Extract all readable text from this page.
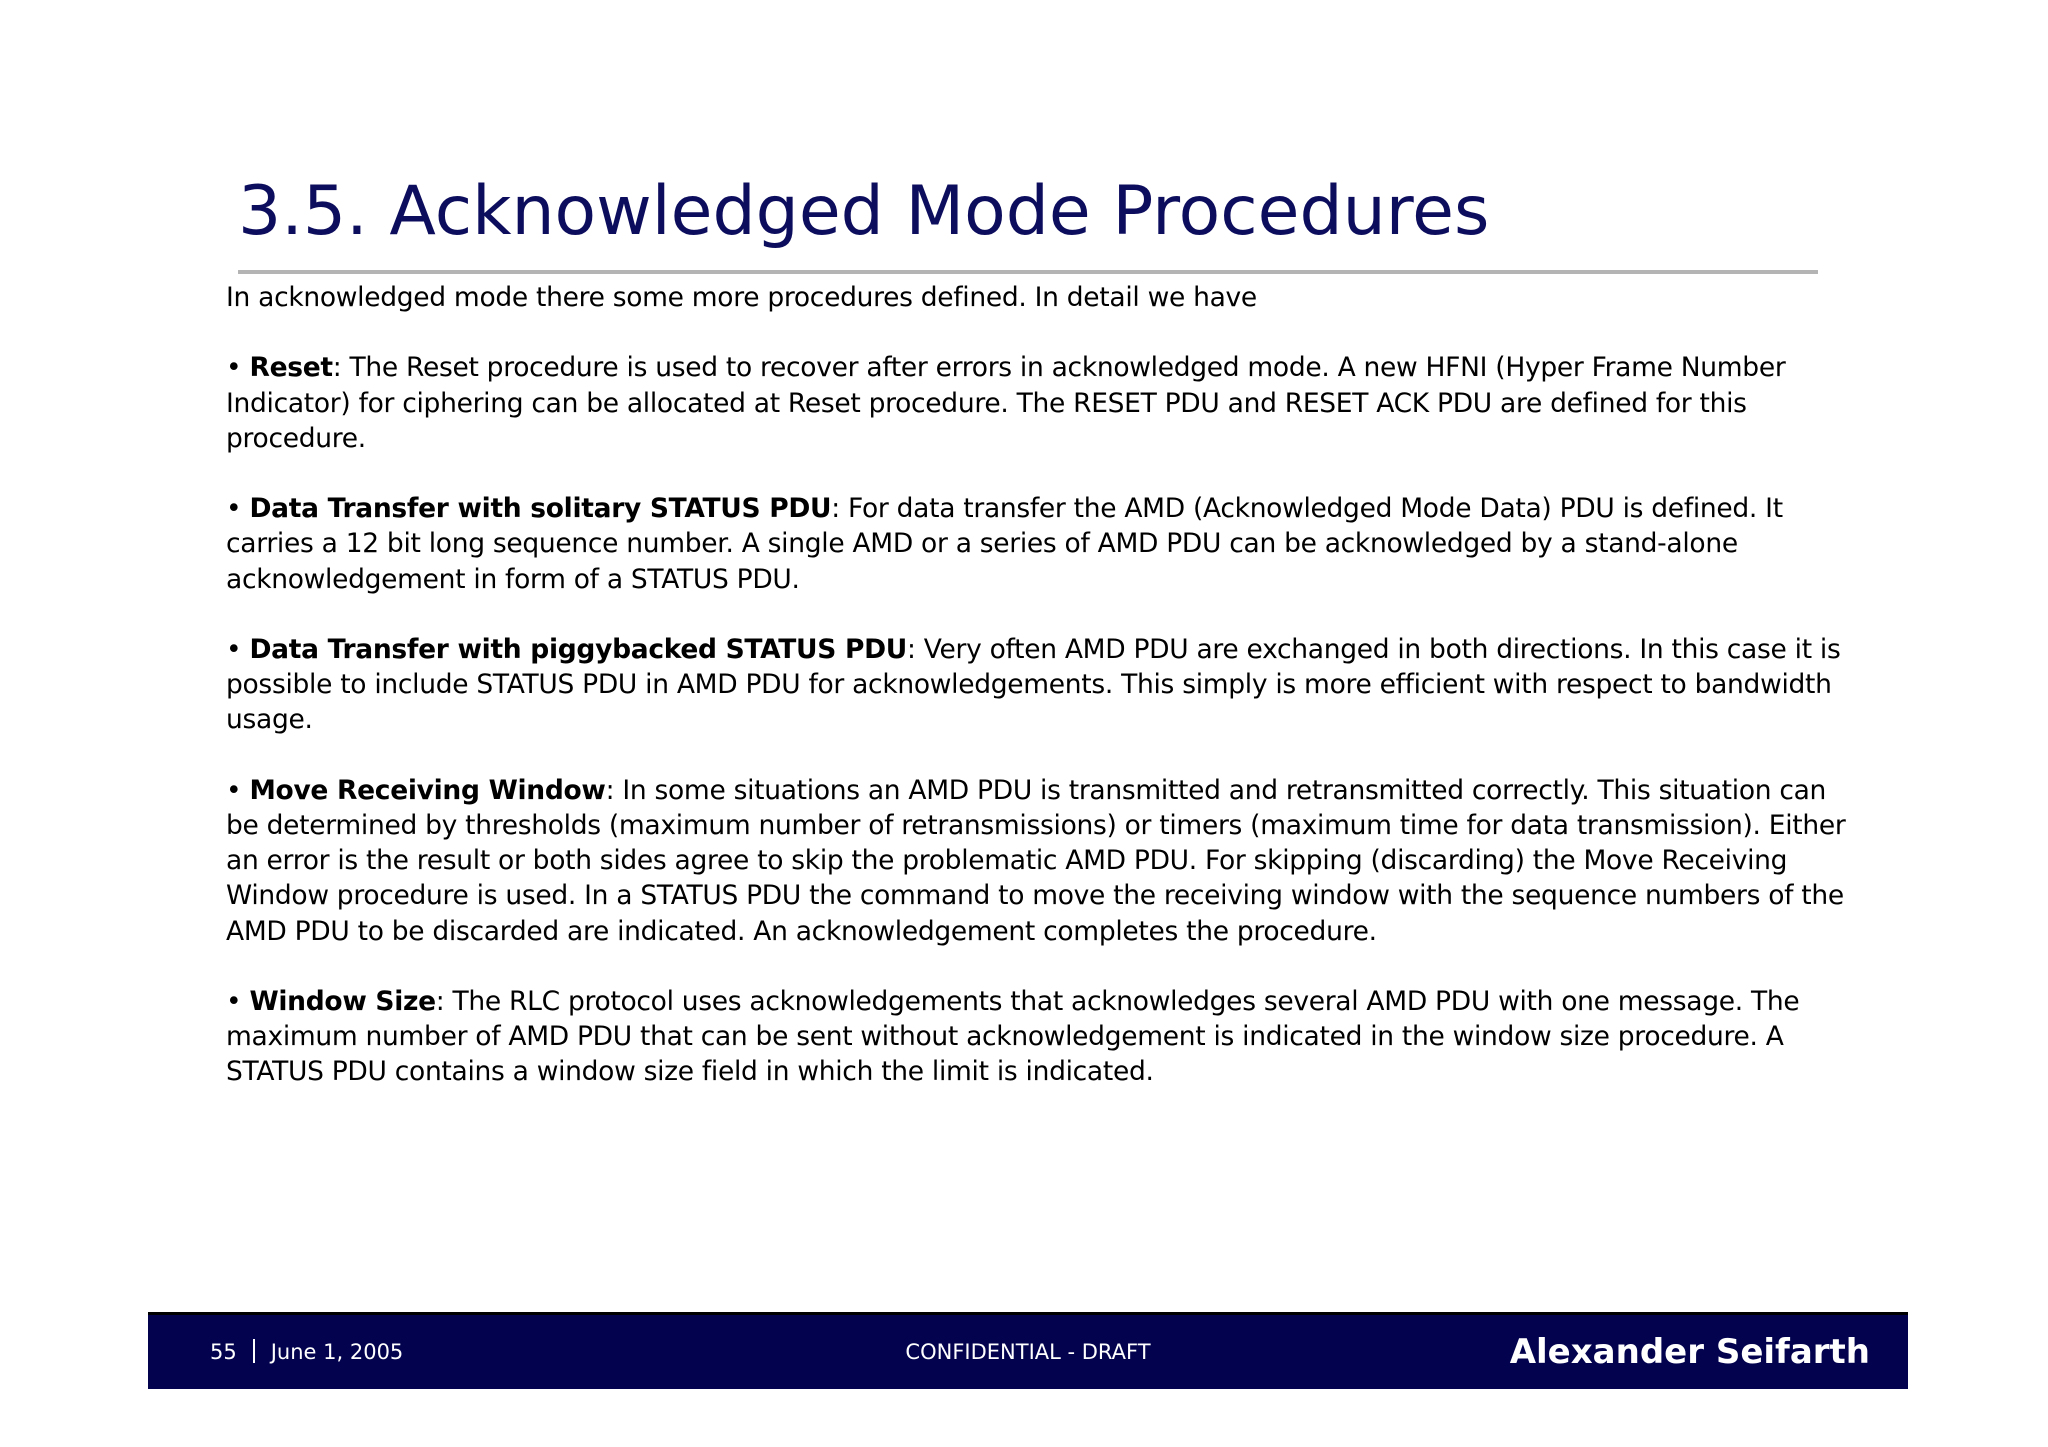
3.5. Acknowledged Mode Procedures

In acknowledged mode there some more procedures defined. In detail we have

• Reset: The Reset procedure is used to recover after errors in acknowledged mode. A new HFNI (Hyper Frame Number Indicator) for ciphering can be allocated at Reset procedure. The RESET PDU and RESET ACK PDU are defined for this procedure.

• Data Transfer with solitary STATUS PDU: For data transfer the AMD (Acknowledged Mode Data) PDU is defined. It carries a 12 bit long sequence number. A single AMD or a series of AMD PDU can be acknowledged by a stand-alone acknowledgement in form of a STATUS PDU.

• Data Transfer with piggybacked STATUS PDU: Very often AMD PDU are exchanged in both directions. In this case it is possible to include STATUS PDU in AMD PDU for acknowledgements. This simply is more efficient with respect to bandwidth usage.

• Move Receiving Window: In some situations an AMD PDU is transmitted and retransmitted correctly. This situation can be determined by thresholds (maximum number of retransmissions) or timers (maximum time for data transmission). Either an error is the result or both sides agree to skip the problematic AMD PDU. For skipping (discarding) the Move Receiving Window procedure is used. In a STATUS PDU the command to move the receiving window with the sequence numbers of the AMD PDU to be discarded are indicated. An acknowledgement completes the procedure.

• Window Size: The RLC protocol uses acknowledgements that acknowledges several AMD PDU with one message. The maximum number of AMD PDU that can be sent without acknowledgement is indicated in the window size procedure. A STATUS PDU contains a window size field in which the limit is indicated.

55 June 1, 2005	CONFIDENTIAL - DRAFT	Alexander Seifarth
